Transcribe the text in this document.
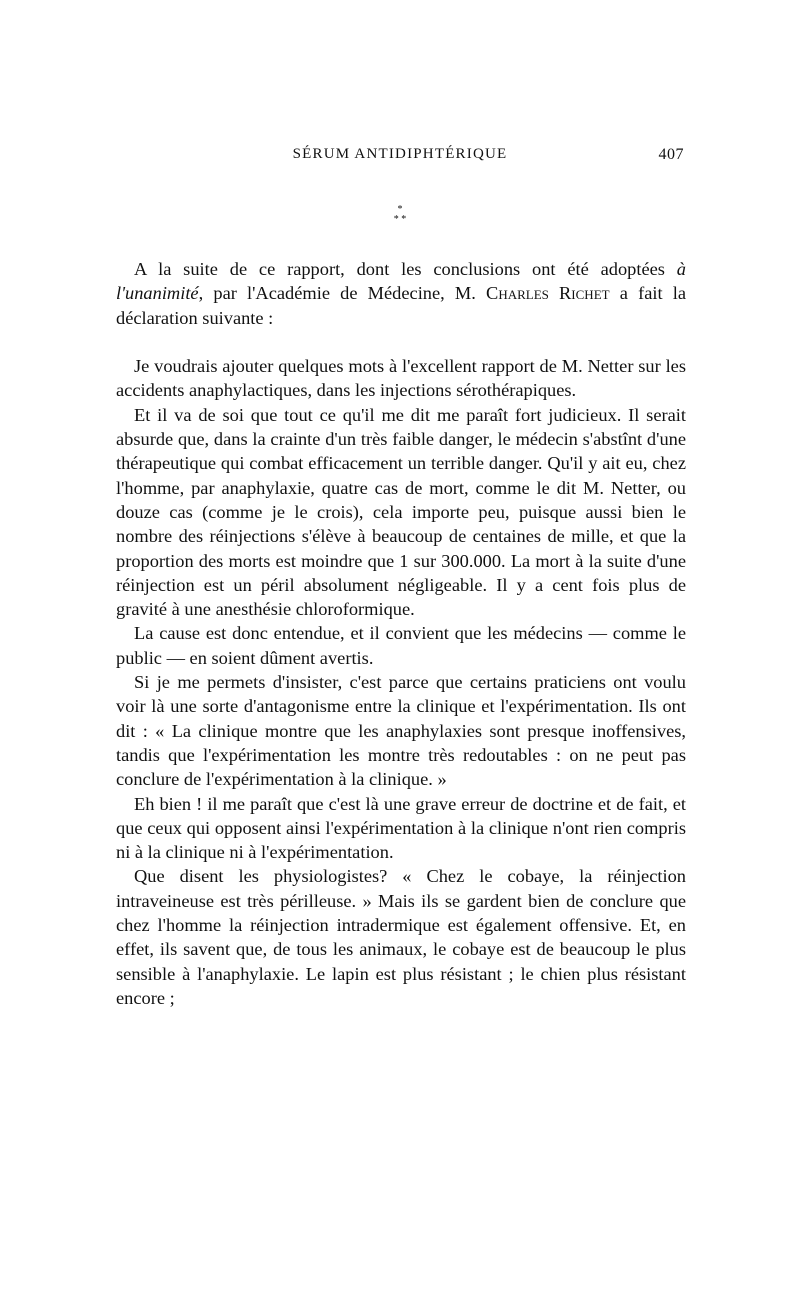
SÉRUM ANTIDIPHTÉRIQUE	407
*
* *

A la suite de ce rapport, dont les conclusions ont été adoptées à l'unanimité, par l'Académie de Médecine, M. Charles Richet a fait la déclaration suivante :

Je voudrais ajouter quelques mots à l'excellent rapport de M. Netter sur les accidents anaphylactiques, dans les injections sérothérapiques.

Et il va de soi que tout ce qu'il me dit me paraît fort judicieux. Il serait absurde que, dans la crainte d'un très faible danger, le médecin s'abstînt d'une thérapeutique qui combat efficacement un terrible danger. Qu'il y ait eu, chez l'homme, par anaphylaxie, quatre cas de mort, comme le dit M. Netter, ou douze cas (comme je le crois), cela importe peu, puisque aussi bien le nombre des réinjections s'élève à beaucoup de centaines de mille, et que la proportion des morts est moindre que 1 sur 300.000. La mort à la suite d'une réinjection est un péril absolument négligeable. Il y a cent fois plus de gravité à une anesthésie chloroformique.

La cause est donc entendue, et il convient que les médecins — comme le public — en soient dûment avertis.

Si je me permets d'insister, c'est parce que certains praticiens ont voulu voir là une sorte d'antagonisme entre la clinique et l'expérimentation. Ils ont dit : « La clinique montre que les anaphylaxies sont presque inoffensives, tandis que l'expérimentation les montre très redoutables : on ne peut pas conclure de l'expérimentation à la clinique. »

Eh bien ! il me paraît que c'est là une grave erreur de doctrine et de fait, et que ceux qui opposent ainsi l'expérimentation à la clinique n'ont rien compris ni à la clinique ni à l'expérimentation.

Que disent les physiologistes? « Chez le cobaye, la réinjection intraveineuse est très périlleuse. » Mais ils se gardent bien de conclure que chez l'homme la réinjection intradermique est également offensive. Et, en effet, ils savent que, de tous les animaux, le cobaye est de beaucoup le plus sensible à l'anaphylaxie. Le lapin est plus résistant ; le chien plus résistant encore ;
